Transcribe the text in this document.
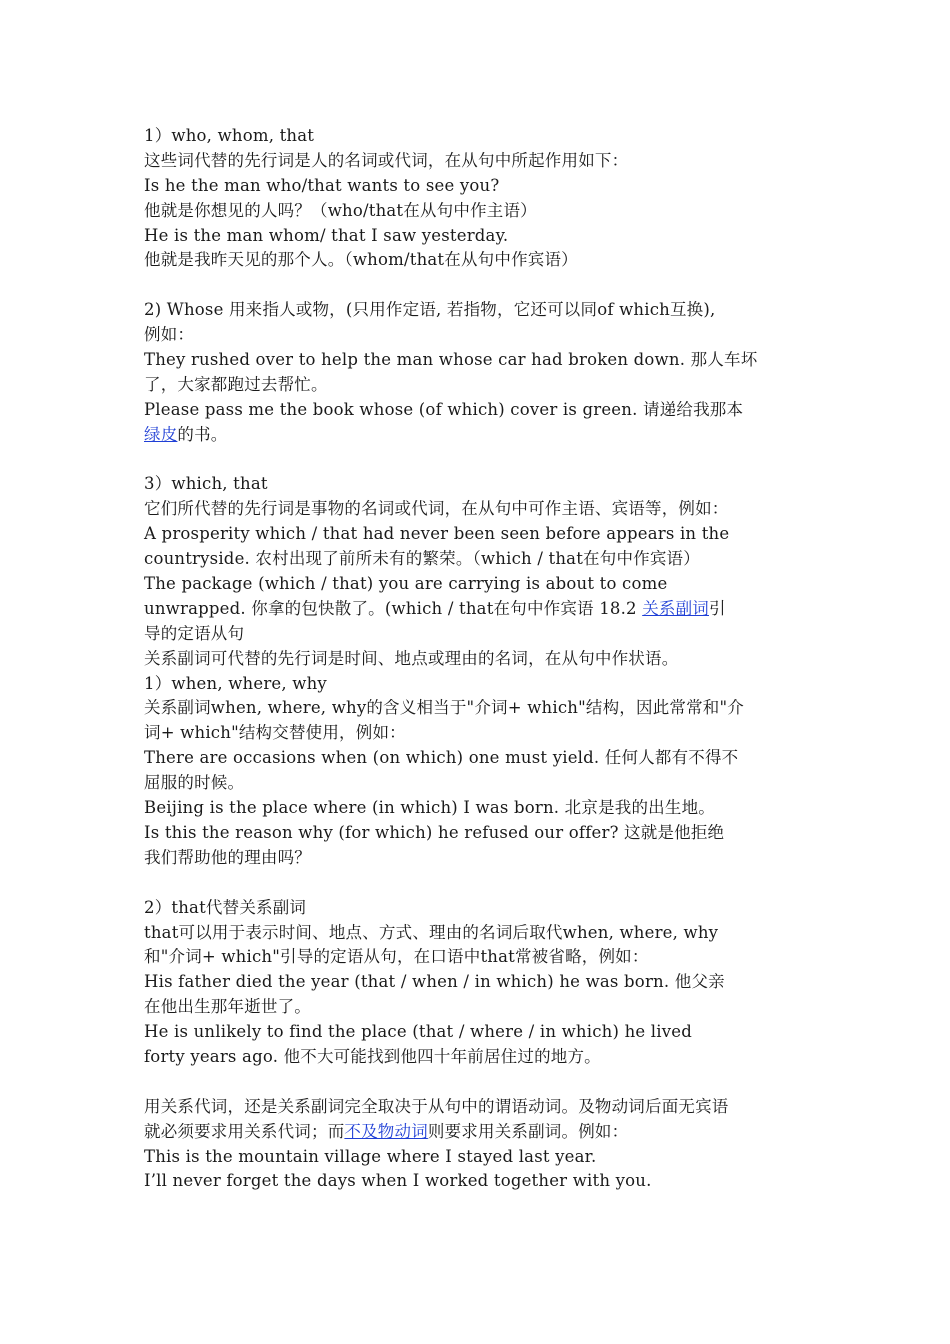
1）who, whom, that
这些词代替的先行词是人的名词或代词，在从句中所起作用如下：
Is he the man who/that wants to see you?
他就是你想见的人吗？（who/that在从句中作主语）
He is the man whom/ that I saw yesterday.
他就是我昨天见的那个人。（whom/that在从句中作宾语）
2) Whose 用来指人或物，(只用作定语, 若指物，它还可以同of which互换),
例如：
They rushed over to help the man whose car had broken down. 那人车坏
了，大家都跑过去帮忙。
Please pass me the book whose (of which) cover is green. 请递给我那本
绿皮的书。
3）which, that
它们所代替的先行词是事物的名词或代词，在从句中可作主语、宾语等，例如：
A prosperity which / that had never been seen before appears in the
countryside. 农村出现了前所未有的繁荣。（which / that在句中作宾语）
The package (which / that) you are carrying is about to come
unwrapped. 你拿的包快散了。(which / that在句中作宾语 18.2 关系副词引
导的定语从句
关系副词可代替的先行词是时间、地点或理由的名词，在从句中作状语。
1）when, where, why
关系副词when, where, why的含义相当于"介词+ which"结构，因此常常和"介
词+ which"结构交替使用，例如：
There are occasions when (on which) one must yield. 任何人都有不得不
屈服的时候。
Beijing is the place where (in which) I was born. 北京是我的出生地。
Is this the reason why (for which) he refused our offer? 这就是他拒绝
我们帮助他的理由吗？
2）that代替关系副词
that可以用于表示时间、地点、方式、理由的名词后取代when, where, why
和"介词+ which"引导的定语从句，在口语中that常被省略，例如：
His father died the year (that / when / in which) he was born. 他父亲
在他出生那年逝世了。
He is unlikely to find the place (that / where / in which) he lived
forty years ago. 他不大可能找到他四十年前居住过的地方。
用关系代词，还是关系副词完全取决于从句中的谓语动词。及物动词后面无宾语
就必须要求用关系代词；而不及物动词则要求用关系副词。例如：
This is the mountain village where I stayed last year.
I’ll never forget the days when I worked together with you.
